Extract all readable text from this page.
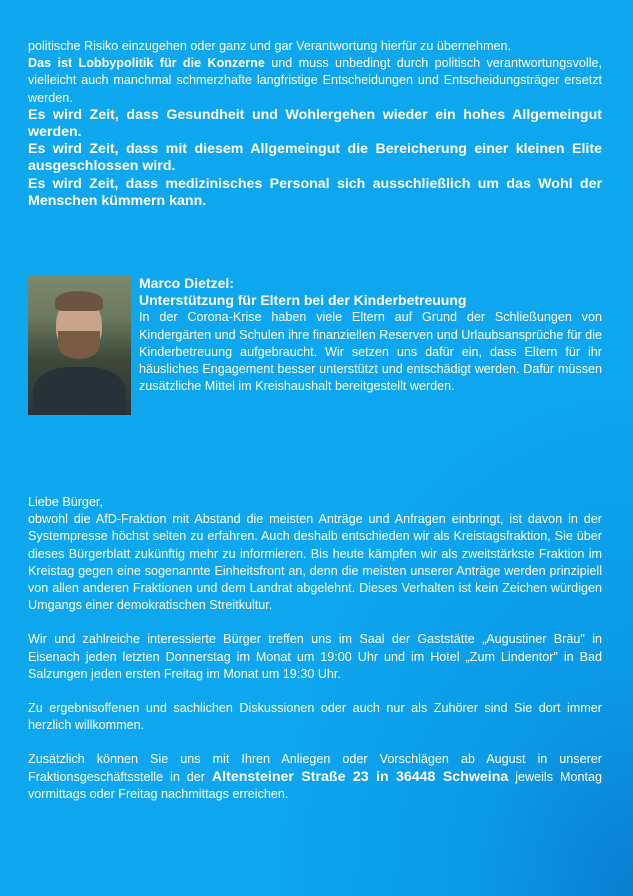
politische Risiko einzugehen oder ganz und gar Verantwortung hierfür zu übernehmen.
Das ist Lobbypolitik für die Konzerne und muss unbedingt durch politisch verantwortungsvolle, vielleicht auch manchmal schmerzhafte langfristige Entscheidungen und Entscheidungsträger ersetzt werden.

Es wird Zeit, dass Gesundheit und Wohlergehen wieder ein hohes Allgemeingut werden.

Es wird Zeit, dass mit diesem Allgemeingut die Bereicherung einer kleinen Elite ausgeschlossen wird.

Es wird Zeit, dass medizinisches Personal sich ausschließlich um das Wohl der Menschen kümmern kann.

Marco Dietzel:

Unterstützung für Eltern bei der Kinderbetreuung

In der Corona-Krise haben viele Eltern auf Grund der Schließungen von Kindergärten und Schulen ihre finanziellen Reserven und Urlaubsansprüche für die Kinderbetreuung aufgebraucht. Wir setzen uns dafür ein, dass Eltern für ihr häusliches Engagement besser unterstützt und entschädigt werden. Dafür müssen zusätzliche Mittel im Kreishaushalt bereitgestellt werden.

Liebe Bürger,

obwohl die AfD-Fraktion mit Abstand die meisten Anträge und Anfragen einbringt, ist davon in der Systempresse höchst selten zu erfahren. Auch deshalb entschieden wir als Kreistagsfraktion, Sie über dieses Bürgerblatt zukünftig mehr zu informieren. Bis heute kämpfen wir als zweitstärkste Fraktion im Kreistag gegen eine sogenannte Einheitsfront an, denn die meisten unserer Anträge werden prinzipiell von allen anderen Fraktionen und dem Landrat abgelehnt. Dieses Verhalten ist kein Zeichen würdigen Umgangs einer demokratischen Streitkultur.

Wir und zahlreiche interessierte Bürger treffen uns im Saal der Gaststätte „Augustiner Bräu" in Eisenach jeden letzten Donnerstag im Monat um 19:00 Uhr und im Hotel „Zum Lindentor" in Bad Salzungen jeden ersten Freitag im Monat um 19:30 Uhr.

Zu ergebnisoffenen und sachlichen Diskussionen oder auch nur als Zuhörer sind Sie dort immer herzlich willkommen.

Zusätzlich können Sie uns mit Ihren Anliegen oder Vorschlägen ab August in unserer Fraktionsgeschäftsstelle in der Altensteiner Straße 23 in 36448 Schweina jeweils Montag vormittags oder Freitag nachmittags erreichen.
